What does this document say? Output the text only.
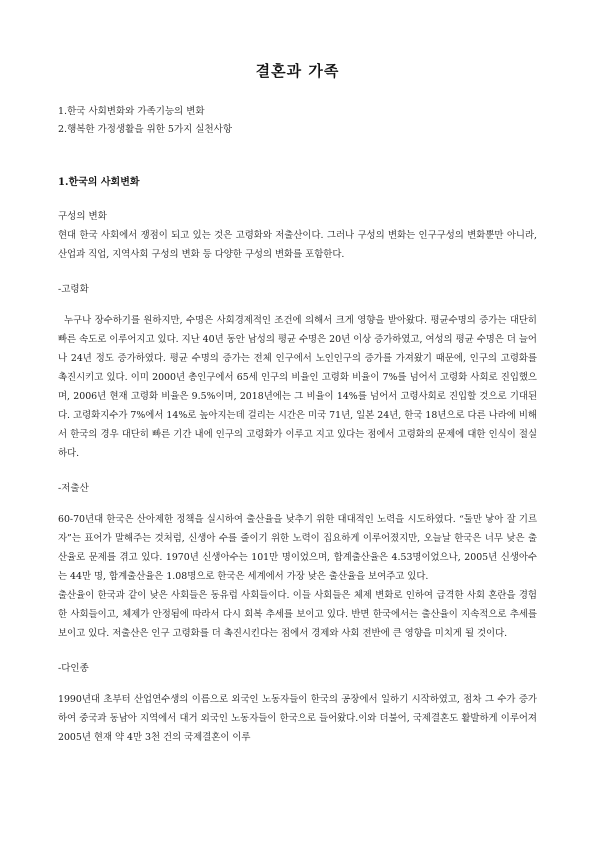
결혼과 가족
1.한국 사회변화와 가족기능의 변화
2.행복한 가정생활을 위한 5가지 실천사항
1.한국의 사회변화
구성의 변화

현대 한국 사회에서 쟁점이 되고 있는 것은 고령화와 저출산이다. 그러나 구성의 변화는 인구구성의 변화뿐만 아니라, 산업과 직업, 지역사회 구성의 변화 등 다양한 구성의 변화를 포함한다.

-고령화

누구나 장수하기를 원하지만, 수명은 사회경제적인 조건에 의해서 크게 영향을 받아왔다. 평균수명의 증가는 대단히 빠른 속도로 이루어지고 있다. 지난 40년 동안 남성의 평균 수명은 20년 이상 증가하였고, 여성의 평균 수명은 더 늘어나 24년 정도 증가하였다. 평균 수명의 증가는 전체 인구에서 노인인구의 증가를 가져왔기 때문에, 인구의 고령화를 촉진시키고 있다. 이미 2000년 총인구에서 65세 인구의 비율인 고령화 비율이 7%를 넘어서 고령화 사회로 진입했으며, 2006년 현재 고령화 비율은 9.5%이며, 2018년에는 그 비율이 14%를 넘어서 고령사회로 진입할 것으로 기대된다. 고령화지수가 7%에서 14%로 높아지는데 걸리는 시간은 미국 71년, 일본 24년, 한국 18년으로 다른 나라에 비해서 한국의 경우 대단히 빠른 기간 내에 인구의 고령화가 이루고 지고 있다는 점에서 고령화의 문제에 대한 인식이 절실하다.

-저출산

60-70년대 한국은 산아제한 정책을 실시하여 출산율을 낮추기 위한 대대적인 노력을 시도하였다. “둘만 낳아 잘 기르자”는 표어가 말해주는 것처럼, 신생아 수를 줄이기 위한 노력이 집요하게 이루어졌지만, 오늘날 한국은 너무 낮은 출산율로 문제를 겪고 있다. 1970년 신생아수는 101만 명이었으며, 합계출산율은 4.53명이었으나, 2005년 신생아수는 44만 명, 합계출산율은 1.08명으로 한국은 세계에서 가장 낮은 출산율을 보여주고 있다.

출산율이 한국과 같이 낮은 사회들은 동유럽 사회들이다. 이들 사회들은 체제 변화로 인하여 급격한 사회 혼란을 경험한 사회들이고, 체제가 안정됨에 따라서 다시 회복 추세를 보이고 있다. 반면 한국에서는 출산율이 지속적으로 추세를 보이고 있다. 저출산은 인구 고령화를 더 촉진시킨다는 점에서 경제와 사회 전반에 큰 영향을 미치게 될 것이다.

-다인종

1990년대 초부터 산업연수생의 이름으로 외국인 노동자들이 한국의 공장에서 일하기 시작하였고, 점차 그 수가 증가하여 중국과 동남아 지역에서 대거 외국인 노동자들이 한국으로 들어왔다.이와 더불어, 국제결혼도 활발하게 이루어져 2005년 현재 약 4만 3천 건의 국제결혼이 이루
